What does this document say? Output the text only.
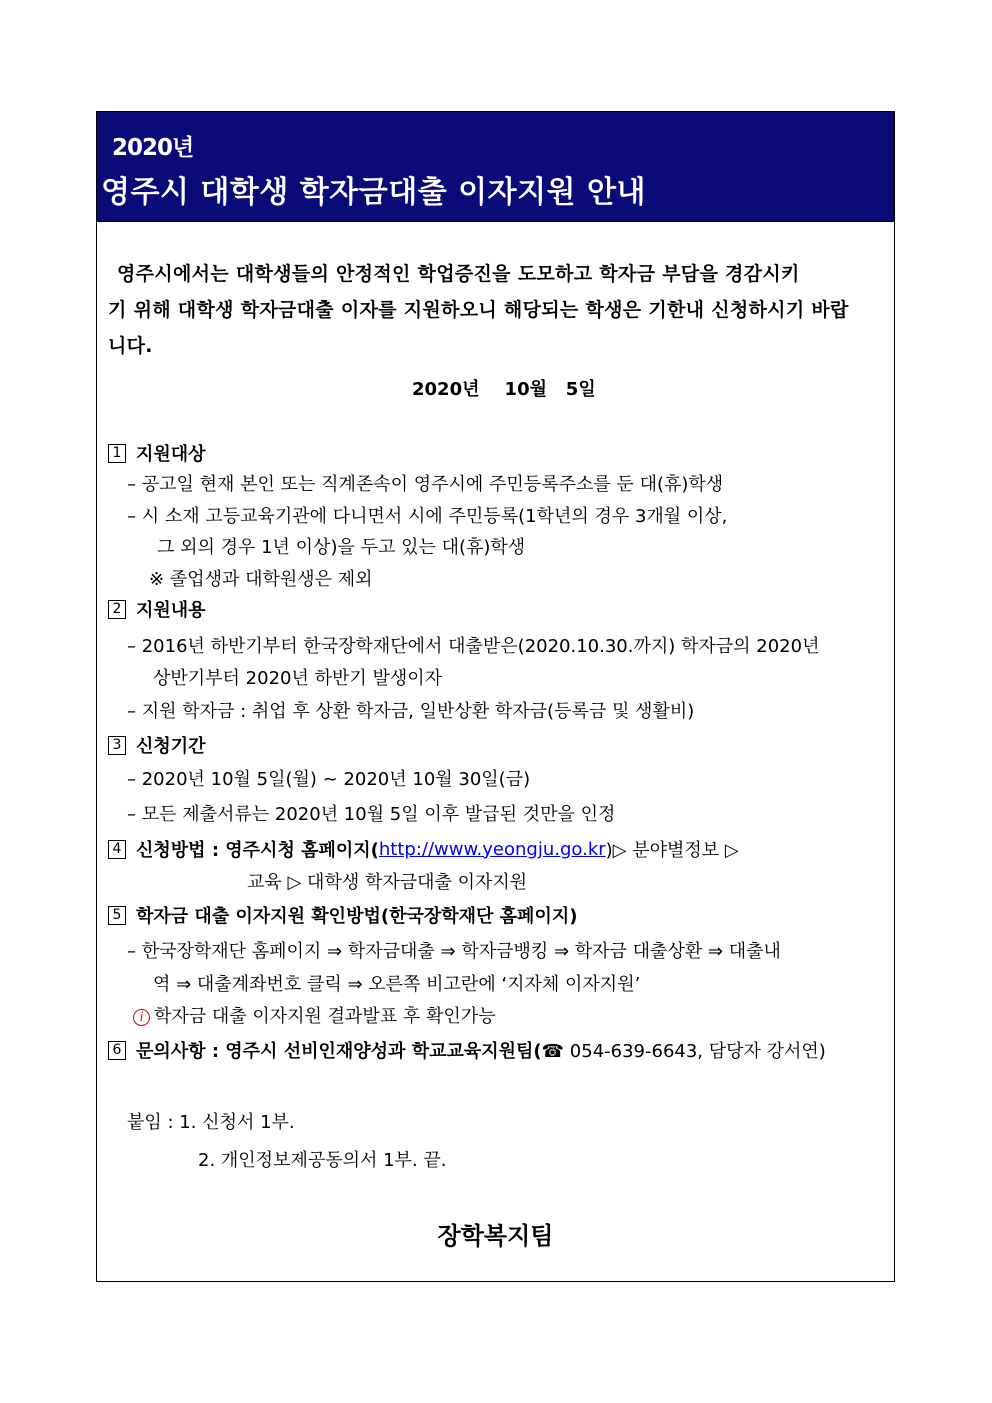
2020년
영주시 대학생 학자금대출 이자지원 안내
영주시에서는 대학생들의 안정적인 학업증진을 도모하고 학자금 부담을 경감시키
기 위해 대학생 학자금대출 이자를 지원하오니 해당되는 학생은 기한내 신청하시기 바랍
니다.
2020년    10월   5일
1 지원대상
– 공고일 현재 본인 또는 직계존속이 영주시에 주민등록주소를 둔 대(휴)학생
– 시 소재 고등교육기관에 다니면서 시에 주민등록(1학년의 경우 3개월 이상,
그 외의 경우 1년 이상)을 두고 있는 대(휴)학생
※ 졸업생과 대학원생은 제외
2 지원내용
– 2016년 하반기부터 한국장학재단에서 대출받은(2020.10.30.까지) 학자금의 2020년
상반기부터 2020년 하반기 발생이자
– 지원 학자금 : 취업 후 상환 학자금, 일반상환 학자금(등록금 및 생활비)
3 신청기간
– 2020년 10월 5일(월) ∼ 2020년 10월 30일(금)
– 모든 제출서류는 2020년 10월 5일 이후 발급된 것만을 인정
4 신청방법 : 영주시청 홈페이지( http://www.yeongju.go.kr )▷ 분야별정보 ▷
교육 ▷ 대학생 학자금대출 이자지원
5 학자금 대출 이자지원 확인방법(한국장학재단 홈페이지)
– 한국장학재단 홈페이지 ⇒ 학자금대출 ⇒ 학자금뱅킹 ⇒ 학자금 대출상환 ⇒ 대출내
역 ⇒ 대출계좌번호 클릭 ⇒ 오른쪽 비고란에 ‘지자체 이자지원’
i 학자금 대출 이자지원 결과발표 후 확인가능
6 문의사항 : 영주시 선비인재양성과 학교교육지원팀( ☎ 054-639-6643, 담당자 강서연)
붙임 : 1. 신청서 1부.
2. 개인정보제공동의서 1부. 끝.
장학복지팀
